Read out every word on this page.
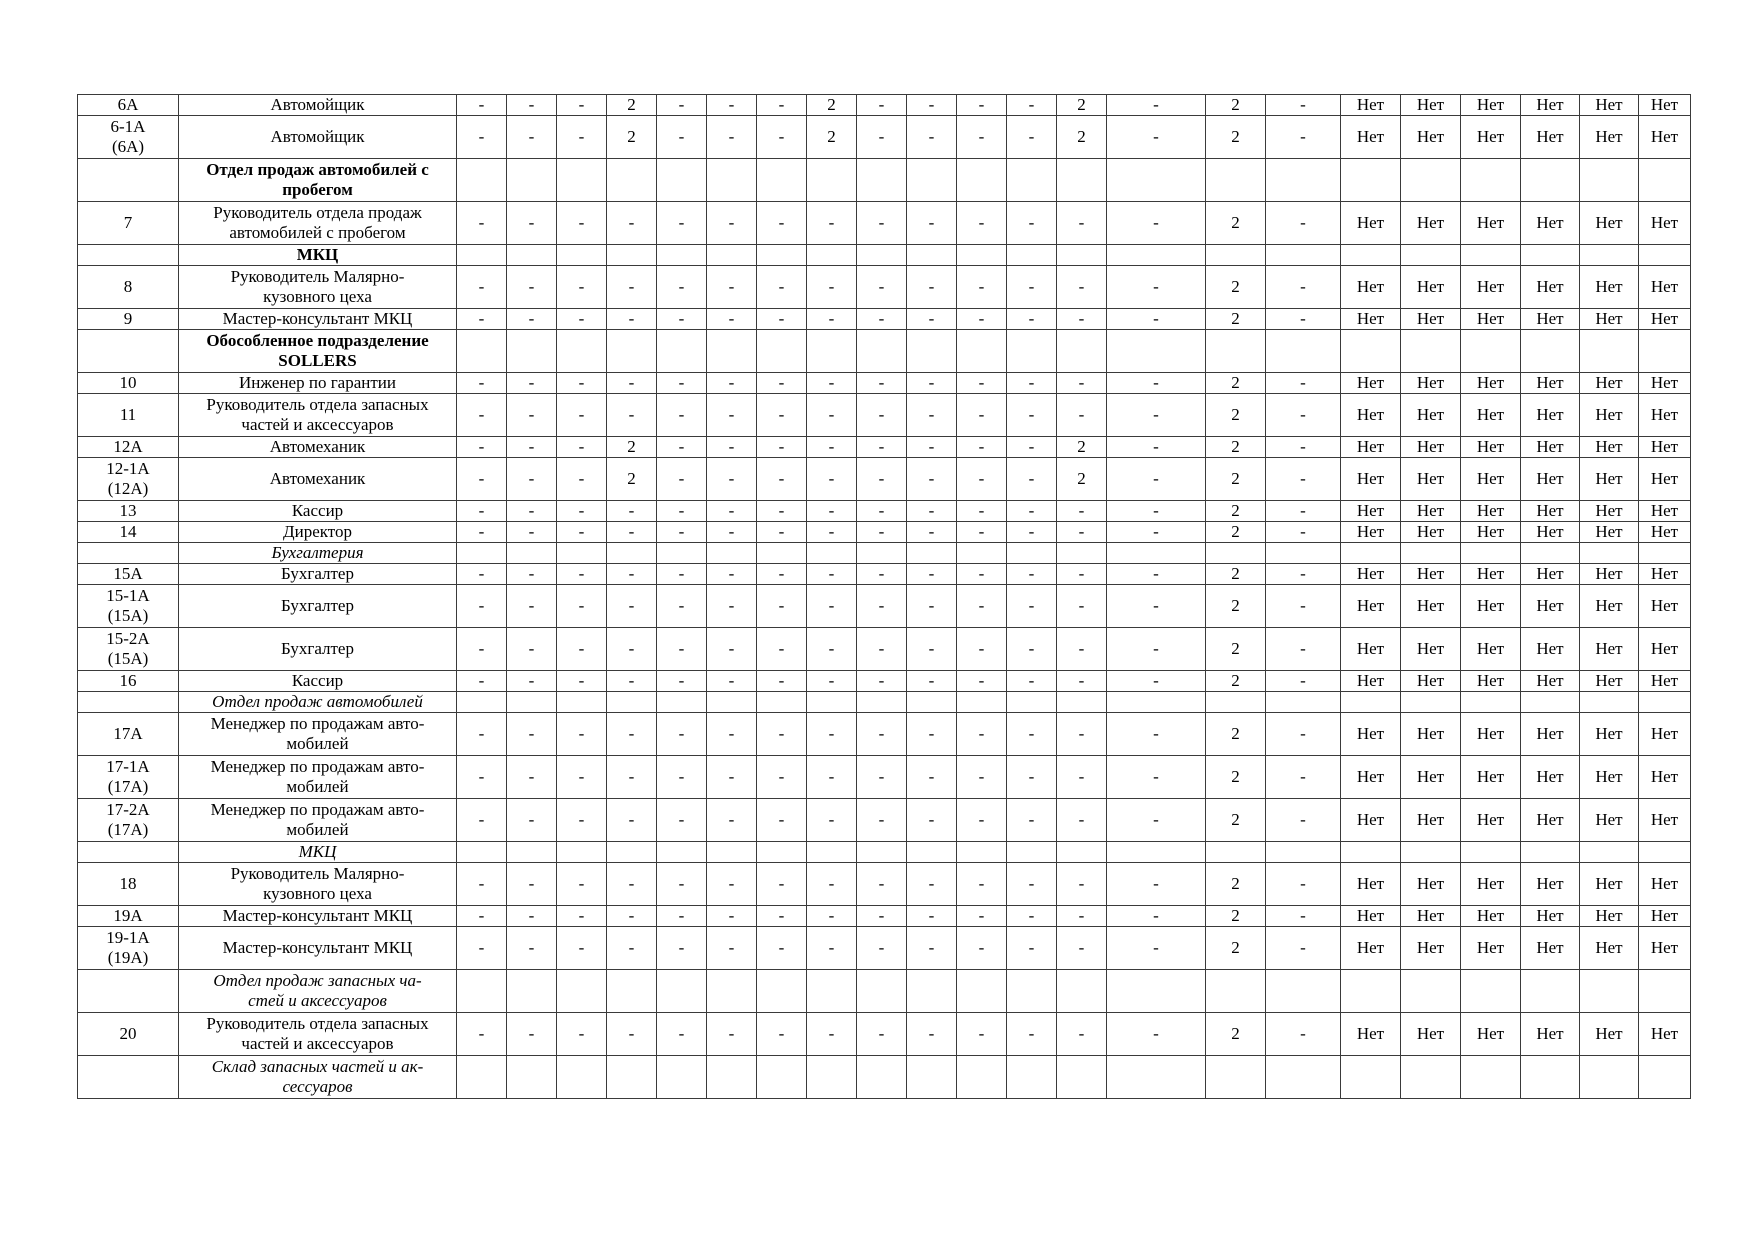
6А	Автомойщик	-	-	-	2	-	-	-	2	-	-	-	-	2	-	2	-	Нет	Нет	Нет	Нет	Нет	Нет
6-1А
(6А)	Автомойщик	-	-	-	2	-	-	-	2	-	-	-	-	2	-	2	-	Нет	Нет	Нет	Нет	Нет	Нет
	Отдел продаж автомобилей с
пробегом																						
7	Руководитель отдела продаж
автомобилей с пробегом	-	-	-	-	-	-	-	-	-	-	-	-	-	-	2	-	Нет	Нет	Нет	Нет	Нет	Нет
	МКЦ																						
8	Руководитель Малярно-
кузовного цеха	-	-	-	-	-	-	-	-	-	-	-	-	-	-	2	-	Нет	Нет	Нет	Нет	Нет	Нет
9	Мастер-консультант МКЦ	-	-	-	-	-	-	-	-	-	-	-	-	-	-	2	-	Нет	Нет	Нет	Нет	Нет	Нет
	Обособленное подразделение
SOLLERS																						
10	Инженер по гарантии	-	-	-	-	-	-	-	-	-	-	-	-	-	-	2	-	Нет	Нет	Нет	Нет	Нет	Нет
11	Руководитель отдела запасных
частей и аксессуаров	-	-	-	-	-	-	-	-	-	-	-	-	-	-	2	-	Нет	Нет	Нет	Нет	Нет	Нет
12А	Автомеханик	-	-	-	2	-	-	-	-	-	-	-	-	2	-	2	-	Нет	Нет	Нет	Нет	Нет	Нет
12-1А
(12А)	Автомеханик	-	-	-	2	-	-	-	-	-	-	-	-	2	-	2	-	Нет	Нет	Нет	Нет	Нет	Нет
13	Кассир	-	-	-	-	-	-	-	-	-	-	-	-	-	-	2	-	Нет	Нет	Нет	Нет	Нет	Нет
14	Директор	-	-	-	-	-	-	-	-	-	-	-	-	-	-	2	-	Нет	Нет	Нет	Нет	Нет	Нет
	Бухгалтерия																						
15А	Бухгалтер	-	-	-	-	-	-	-	-	-	-	-	-	-	-	2	-	Нет	Нет	Нет	Нет	Нет	Нет
15-1А
(15А)	Бухгалтер	-	-	-	-	-	-	-	-	-	-	-	-	-	-	2	-	Нет	Нет	Нет	Нет	Нет	Нет
15-2А
(15А)	Бухгалтер	-	-	-	-	-	-	-	-	-	-	-	-	-	-	2	-	Нет	Нет	Нет	Нет	Нет	Нет
16	Кассир	-	-	-	-	-	-	-	-	-	-	-	-	-	-	2	-	Нет	Нет	Нет	Нет	Нет	Нет
	Отдел продаж автомобилей																						
17А	Менеджер по продажам авто-
мобилей	-	-	-	-	-	-	-	-	-	-	-	-	-	-	2	-	Нет	Нет	Нет	Нет	Нет	Нет
17-1А
(17А)	Менеджер по продажам авто-
мобилей	-	-	-	-	-	-	-	-	-	-	-	-	-	-	2	-	Нет	Нет	Нет	Нет	Нет	Нет
17-2А
(17А)	Менеджер по продажам авто-
мобилей	-	-	-	-	-	-	-	-	-	-	-	-	-	-	2	-	Нет	Нет	Нет	Нет	Нет	Нет
	МКЦ																						
18	Руководитель Малярно-
кузовного цеха	-	-	-	-	-	-	-	-	-	-	-	-	-	-	2	-	Нет	Нет	Нет	Нет	Нет	Нет
19А	Мастер-консультант МКЦ	-	-	-	-	-	-	-	-	-	-	-	-	-	-	2	-	Нет	Нет	Нет	Нет	Нет	Нет
19-1А
(19А)	Мастер-консультант МКЦ	-	-	-	-	-	-	-	-	-	-	-	-	-	-	2	-	Нет	Нет	Нет	Нет	Нет	Нет
	Отдел продаж запасных ча-
стей и аксессуаров																						
20	Руководитель отдела запасных
частей и аксессуаров	-	-	-	-	-	-	-	-	-	-	-	-	-	-	2	-	Нет	Нет	Нет	Нет	Нет	Нет
	Склад запасных частей и ак-
сессуаров																						
